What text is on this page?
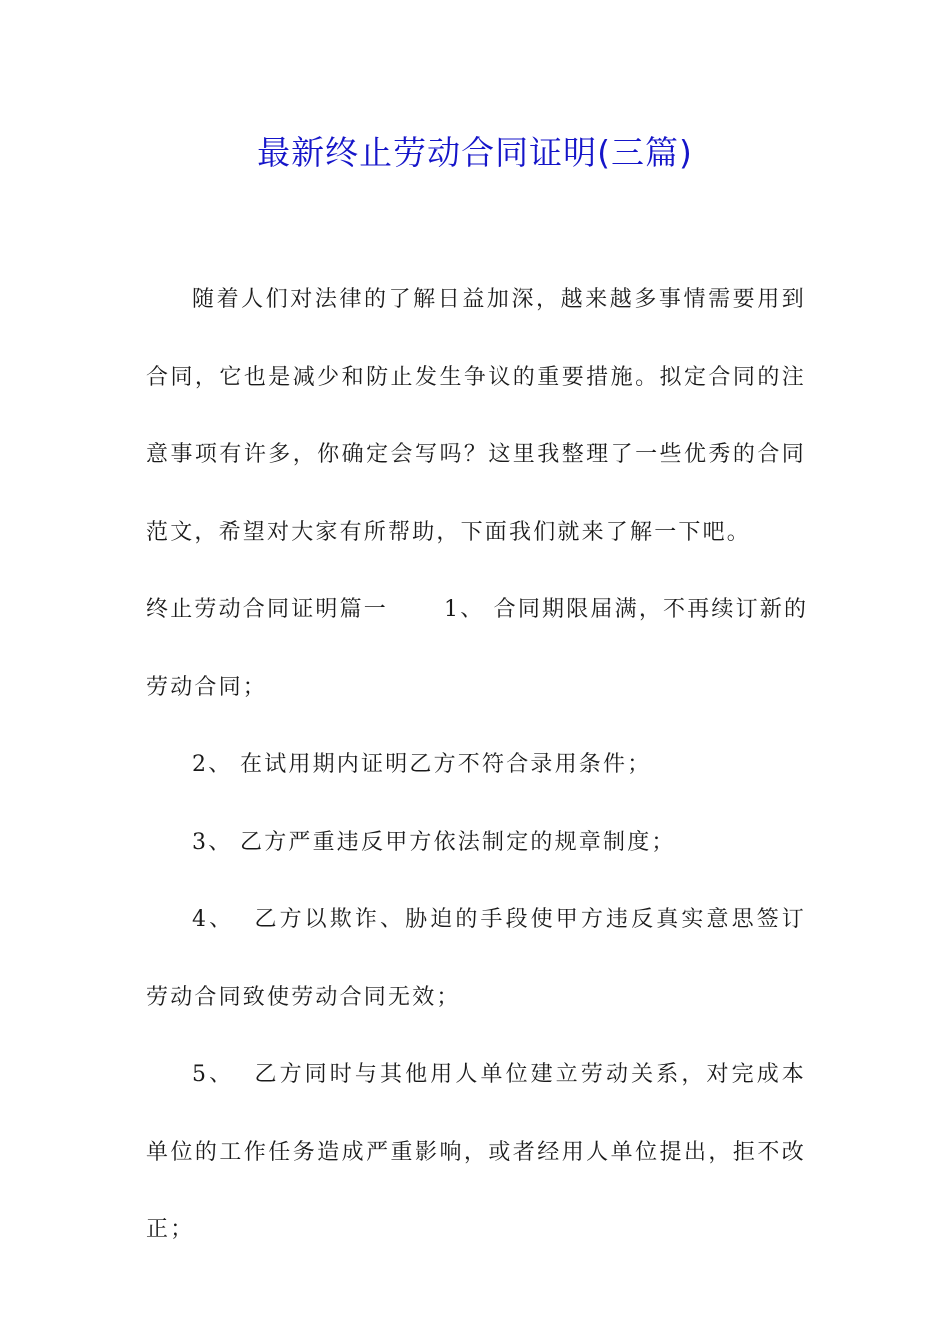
最新终止劳动合同证明(三篇)

随着人们对法律的了解日益加深，越来越多事情需要用到合同，它也是减少和防止发生争议的重要措施。拟定合同的注意事项有许多，你确定会写吗？这里我整理了一些优秀的合同范文，希望对大家有所帮助，下面我们就来了解一下吧。

终止劳动合同证明篇一	1、 合同期限届满，不再续订新的

劳动合同；

2、 在试用期内证明乙方不符合录用条件；

3、 乙方严重违反甲方依法制定的规章制度；

4、 乙方以欺诈、胁迫的手段使甲方违反真实意思签订劳动合同致使劳动合同无效；

5、 乙方同时与其他用人单位建立劳动关系，对完成本单位的工作任务造成严重影响，或者经用人单位提出，拒不改正；
